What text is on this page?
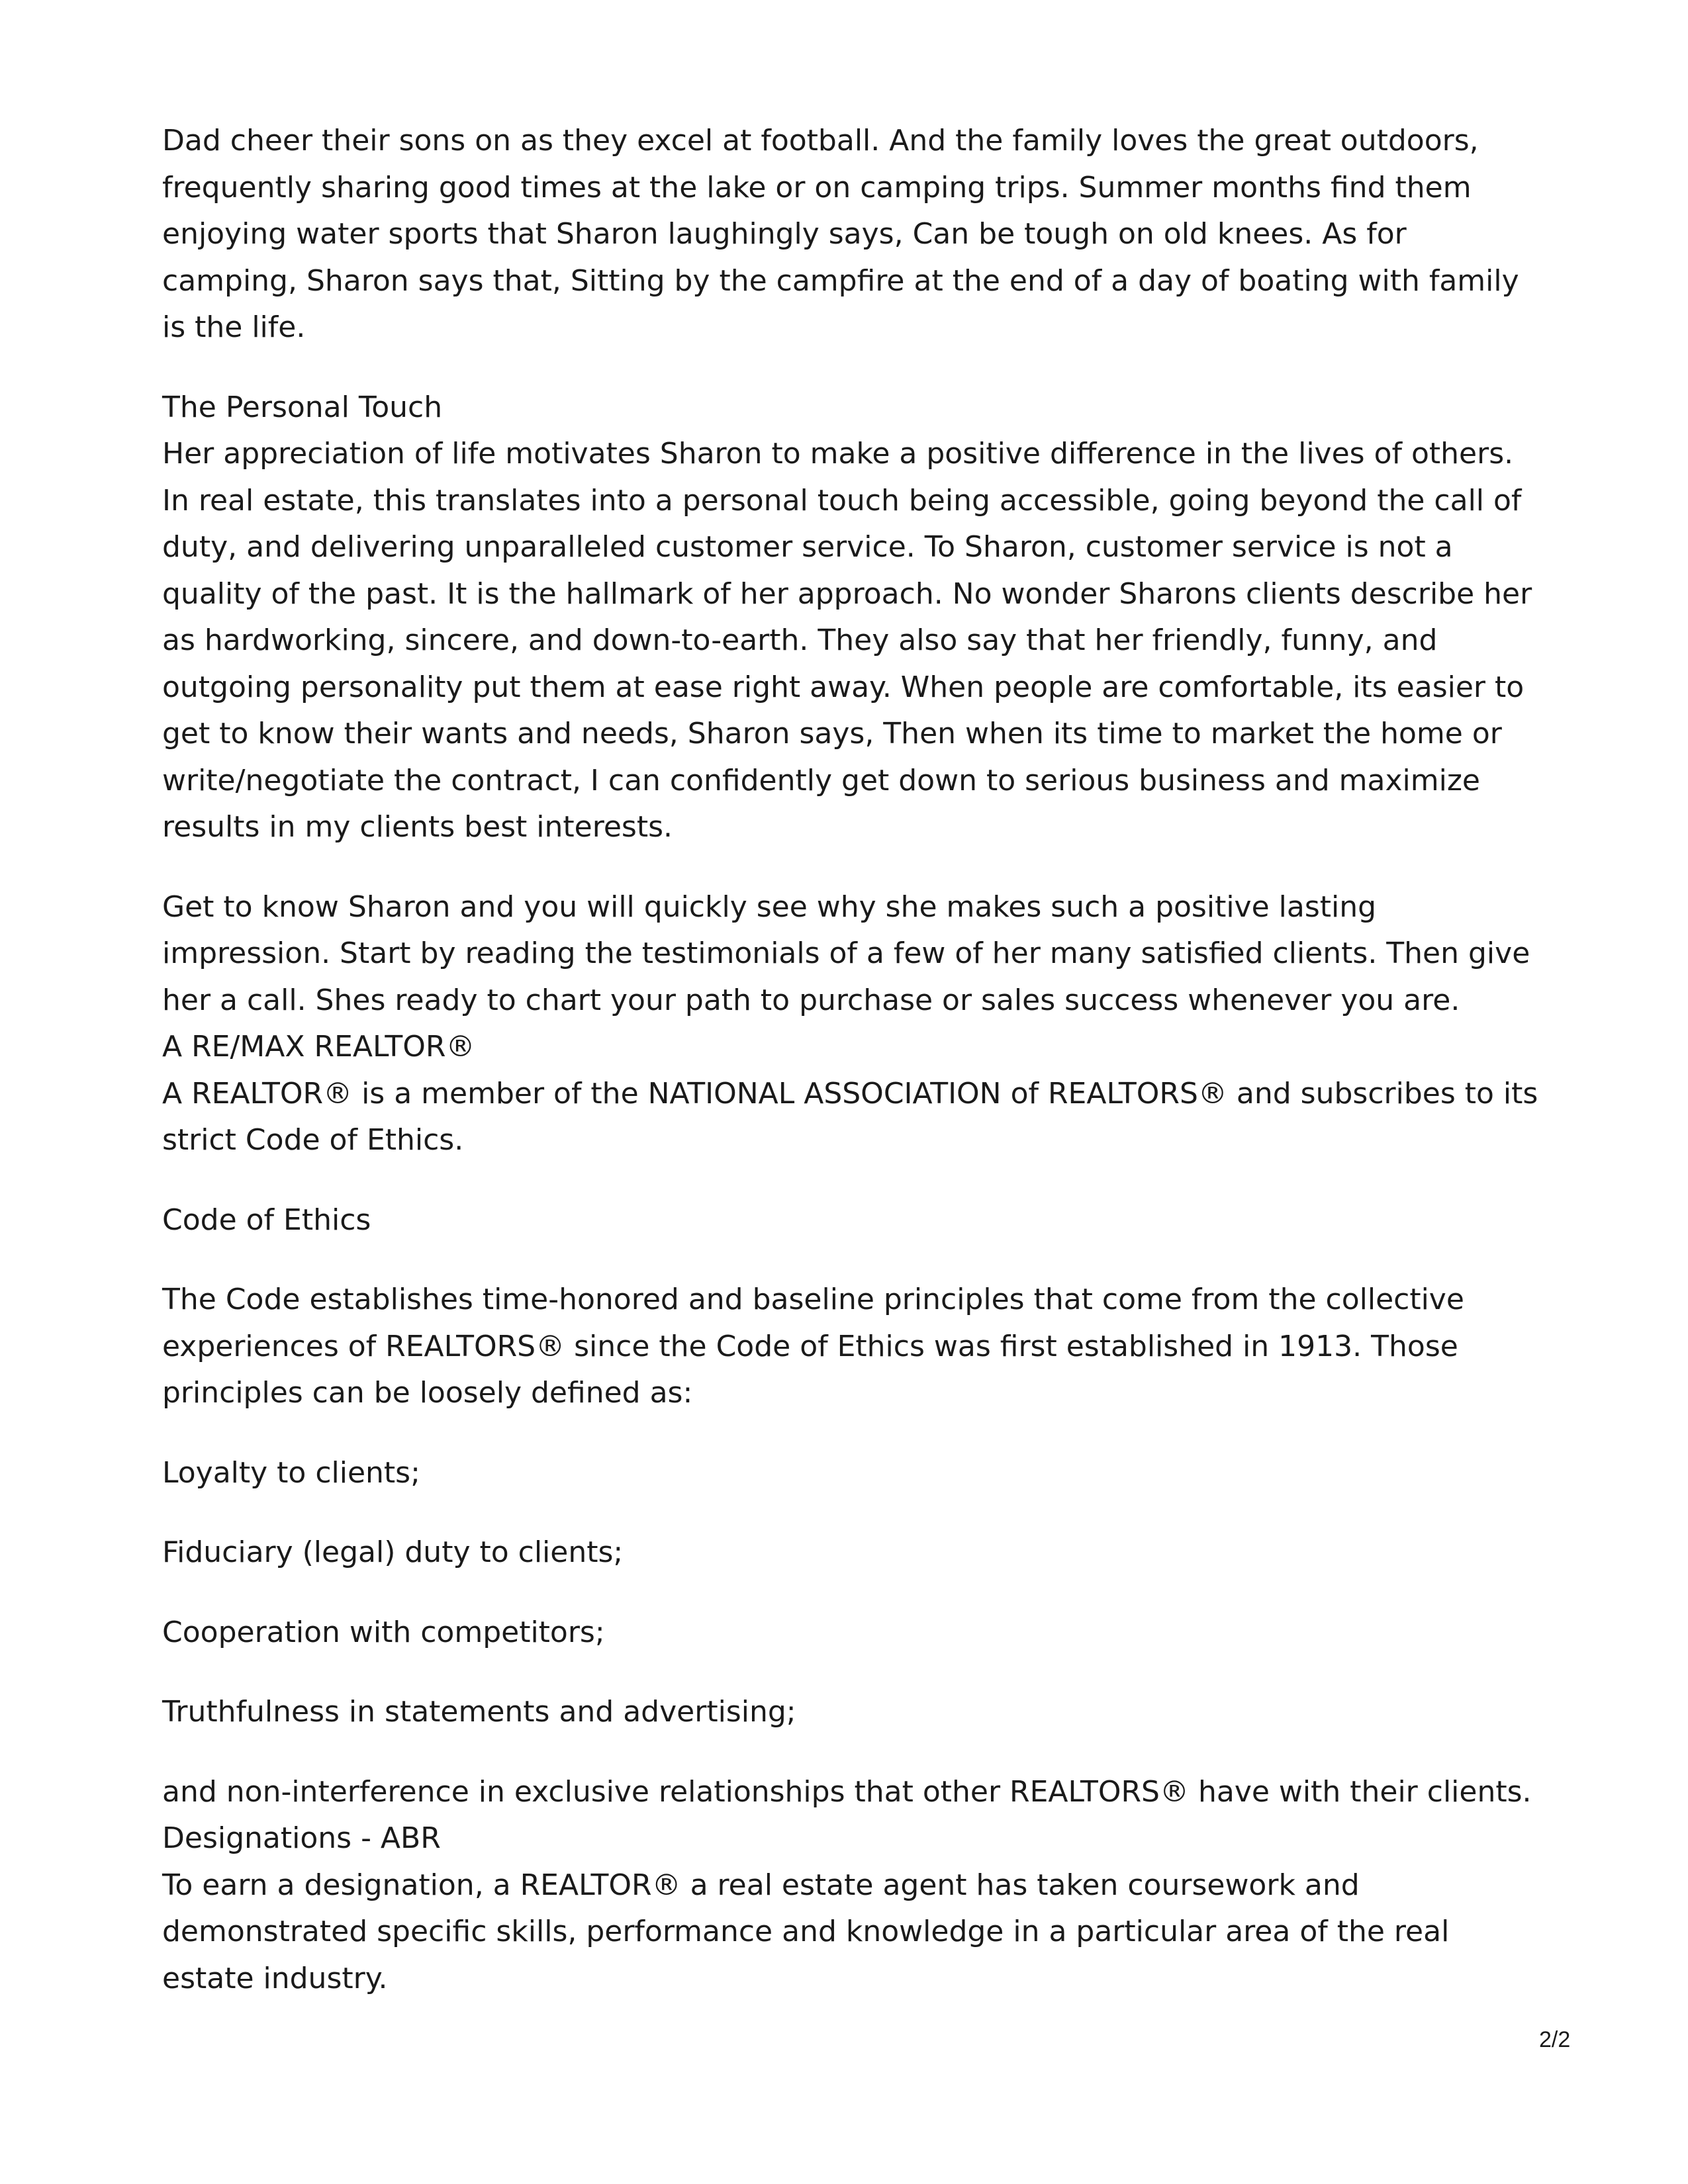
Dad cheer their sons on as they excel at football. And the family loves the great outdoors, frequently sharing good times at the lake or on camping trips. Summer months find them enjoying water sports that Sharon laughingly says, Can be tough on old knees. As for camping, Sharon says that, Sitting by the campfire at the end of a day of boating with family is the life.

The Personal Touch
Her appreciation of life motivates Sharon to make a positive difference in the lives of others. In real estate, this translates into a personal touch being accessible, going beyond the call of duty, and delivering unparalleled customer service. To Sharon, customer service is not a quality of the past. It is the hallmark of her approach. No wonder Sharons clients describe her as hardworking, sincere, and down-to-earth. They also say that her friendly, funny, and outgoing personality put them at ease right away. When people are comfortable, its easier to get to know their wants and needs, Sharon says, Then when its time to market the home or write/negotiate the contract, I can confidently get down to serious business and maximize results in my clients best interests.

Get to know Sharon and you will quickly see why she makes such a positive lasting impression. Start by reading the testimonials of a few of her many satisfied clients. Then give her a call. Shes ready to chart your path to purchase or sales success whenever you are.
A RE/MAX REALTOR®
A REALTOR® is a member of the NATIONAL ASSOCIATION of REALTORS® and subscribes to its strict Code of Ethics.

Code of Ethics

The Code establishes time-honored and baseline principles that come from the collective experiences of REALTORS® since the Code of Ethics was first established in 1913. Those principles can be loosely defined as:

Loyalty to clients;

Fiduciary (legal) duty to clients;

Cooperation with competitors;

Truthfulness in statements and advertising;

and non-interference in exclusive relationships that other REALTORS® have with their clients. Designations - ABR
To earn a designation, a REALTOR® a real estate agent has taken coursework and demonstrated specific skills, performance and knowledge in a particular area of the real estate industry.

2/2
